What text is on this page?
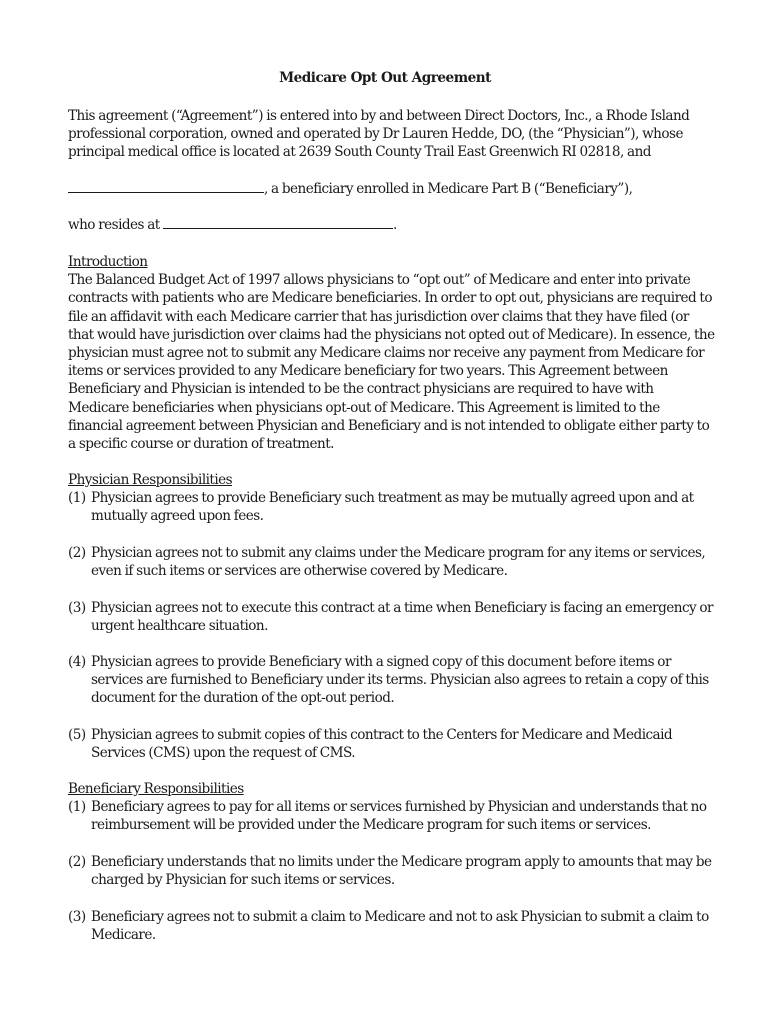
Medicare Opt Out Agreement
This agreement (“Agreement”) is entered into by and between Direct Doctors, Inc., a Rhode Island professional corporation, owned and operated by Dr Lauren Hedde, DO, (the “Physician”), whose principal medical office is located at 2639 South County Trail East Greenwich RI 02818, and
, a beneficiary enrolled in Medicare Part B (“Beneficiary”),
who resides at	.
Introduction
The Balanced Budget Act of 1997 allows physicians to “opt out” of Medicare and enter into private contracts with patients who are Medicare beneficiaries. In order to opt out, physicians are required to file an affidavit with each Medicare carrier that has jurisdiction over claims that they have filed (or that would have jurisdiction over claims had the physicians not opted out of Medicare). In essence, the physician must agree not to submit any Medicare claims nor receive any payment from Medicare for items or services provided to any Medicare beneficiary for two years. This Agreement between Beneficiary and Physician is intended to be the contract physicians are required to have with Medicare beneficiaries when physicians opt-out of Medicare. This Agreement is limited to the financial agreement between Physician and Beneficiary and is not intended to obligate either party to a specific course or duration of treatment.
Physician Responsibilities
(1) Physician agrees to provide Beneficiary such treatment as may be mutually agreed upon and at mutually agreed upon fees.
(2) Physician agrees not to submit any claims under the Medicare program for any items or services, even if such items or services are otherwise covered by Medicare.
(3) Physician agrees not to execute this contract at a time when Beneficiary is facing an emergency or urgent healthcare situation.
(4) Physician agrees to provide Beneficiary with a signed copy of this document before items or services are furnished to Beneficiary under its terms. Physician also agrees to retain a copy of this document for the duration of the opt-out period.
(5) Physician agrees to submit copies of this contract to the Centers for Medicare and Medicaid Services (CMS) upon the request of CMS.
Beneficiary Responsibilities
(1) Beneficiary agrees to pay for all items or services furnished by Physician and understands that no reimbursement will be provided under the Medicare program for such items or services.
(2) Beneficiary understands that no limits under the Medicare program apply to amounts that may be charged by Physician for such items or services.
(3) Beneficiary agrees not to submit a claim to Medicare and not to ask Physician to submit a claim to Medicare.
